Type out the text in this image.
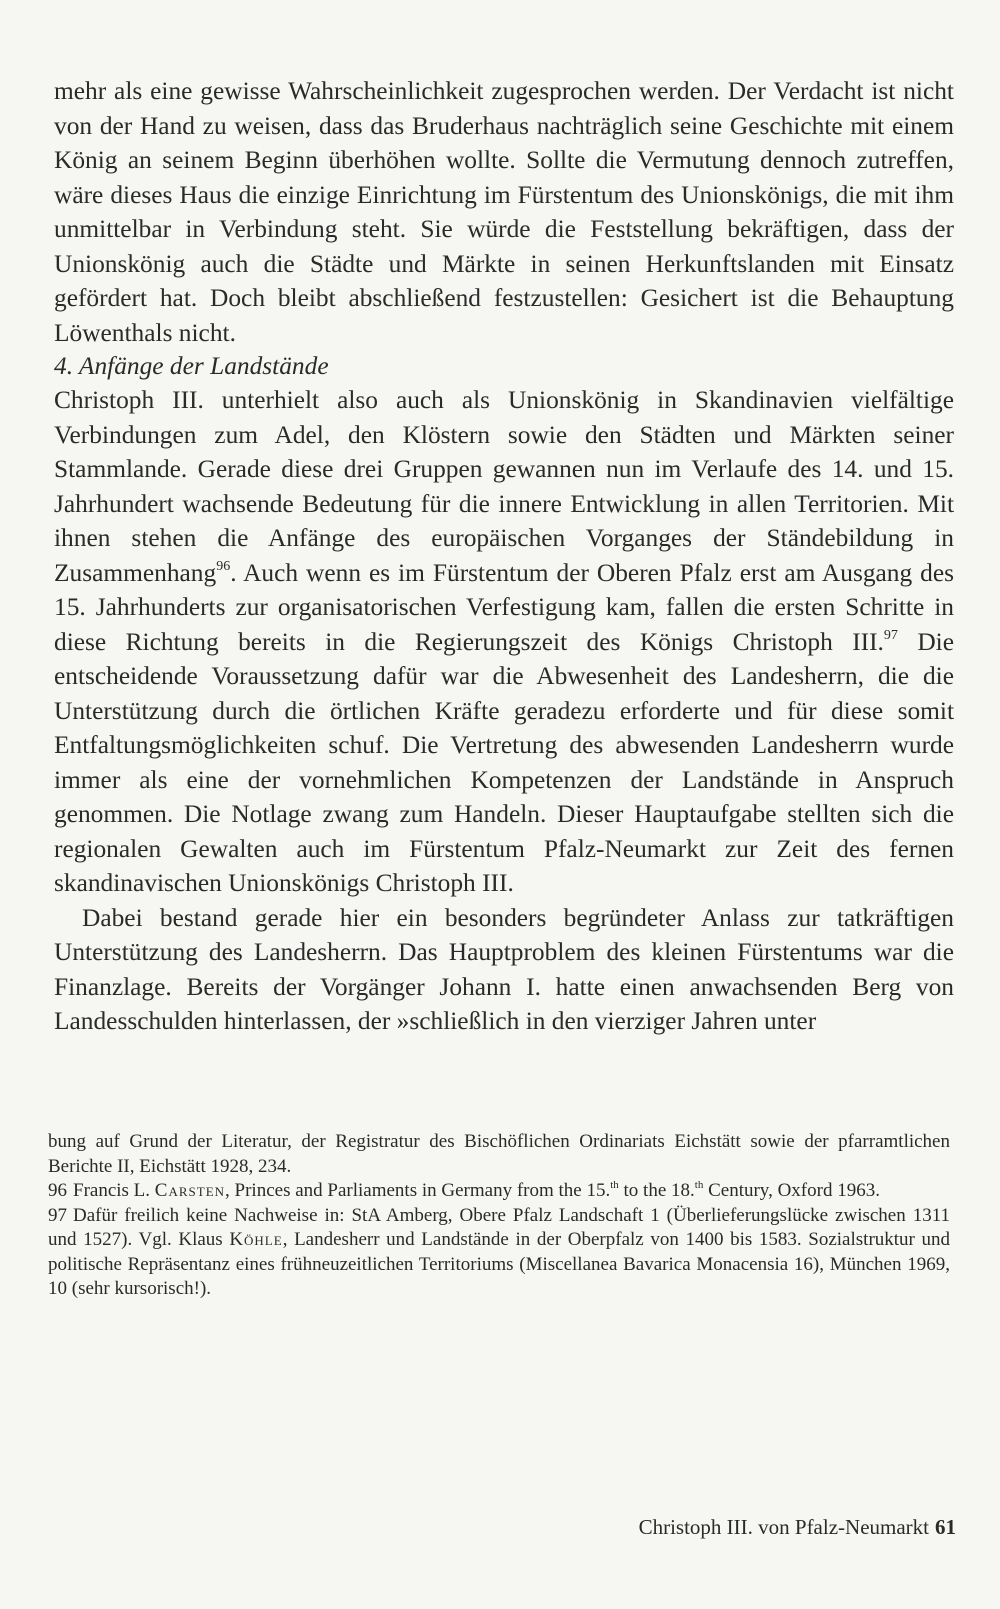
mehr als eine gewisse Wahrscheinlichkeit zugesprochen werden. Der Verdacht ist nicht von der Hand zu weisen, dass das Bruderhaus nachträglich seine Geschichte mit einem König an seinem Beginn überhöhen wollte. Sollte die Vermutung dennoch zutreffen, wäre dieses Haus die einzige Einrichtung im Fürstentum des Unionskönigs, die mit ihm unmittelbar in Verbindung steht. Sie würde die Feststellung bekräftigen, dass der Unionskönig auch die Städte und Märkte in seinen Herkunftslanden mit Einsatz gefördert hat. Doch bleibt abschließend festzustellen: Gesichert ist die Behauptung Löwenthals nicht.

4. Anfänge der Landstände

Christoph III. unterhielt also auch als Unionskönig in Skandinavien vielfältige Verbindungen zum Adel, den Klöstern sowie den Städten und Märkten seiner Stammlande. Gerade diese drei Gruppen gewannen nun im Verlaufe des 14. und 15. Jahrhundert wachsende Bedeutung für die innere Entwicklung in allen Territorien. Mit ihnen stehen die Anfänge des europäischen Vorganges der Ständebildung in Zusammenhang$^{96}$. Auch wenn es im Fürstentum der Oberen Pfalz erst am Ausgang des 15. Jahrhunderts zur organisatorischen Verfestigung kam, fallen die ersten Schritte in diese Richtung bereits in die Regierungszeit des Königs Christoph III.$^{97}$ Die entscheidende Voraussetzung dafür war die Abwesenheit des Landesherrn, die die Unterstützung durch die örtlichen Kräfte geradezu erforderte und für diese somit Entfaltungsmöglichkeiten schuf. Die Vertretung des abwesenden Landesherrn wurde immer als eine der vornehmlichen Kompetenzen der Landstände in Anspruch genommen. Die Notlage zwang zum Handeln. Dieser Hauptaufgabe stellten sich die regionalen Gewalten auch im Fürstentum Pfalz-Neumarkt zur Zeit des fernen skandinavischen Unionskönigs Christoph III.

Dabei bestand gerade hier ein besonders begründeter Anlass zur tatkräftigen Unterstützung des Landesherrn. Das Hauptproblem des kleinen Fürstentums war die Finanzlage. Bereits der Vorgänger Johann I. hatte einen anwachsenden Berg von Landesschulden hinterlassen, der »schließlich in den vierziger Jahren unter

bung auf Grund der Literatur, der Registratur des Bischöflichen Ordinariats Eichstätt sowie der pfarramtlichen Berichte II, Eichstätt 1928, 234.

96 Francis L. Carsten, Princes and Parliaments in Germany from the 15.$^{th}$ to the 18.$^{th}$ Century, Oxford 1963.

97 Dafür freilich keine Nachweise in: StA Amberg, Obere Pfalz Landschaft 1 (Überlieferungslücke zwischen 1311 und 1527). Vgl. Klaus Köhle, Landesherr und Landstände in der Oberpfalz von 1400 bis 1583. Sozialstruktur und politische Repräsentanz eines frühneuzeitlichen Territoriums (Miscellanea Bavarica Monacensia 16), München 1969, 10 (sehr kursorisch!).

Christoph III. von Pfalz-Neumarkt 61
